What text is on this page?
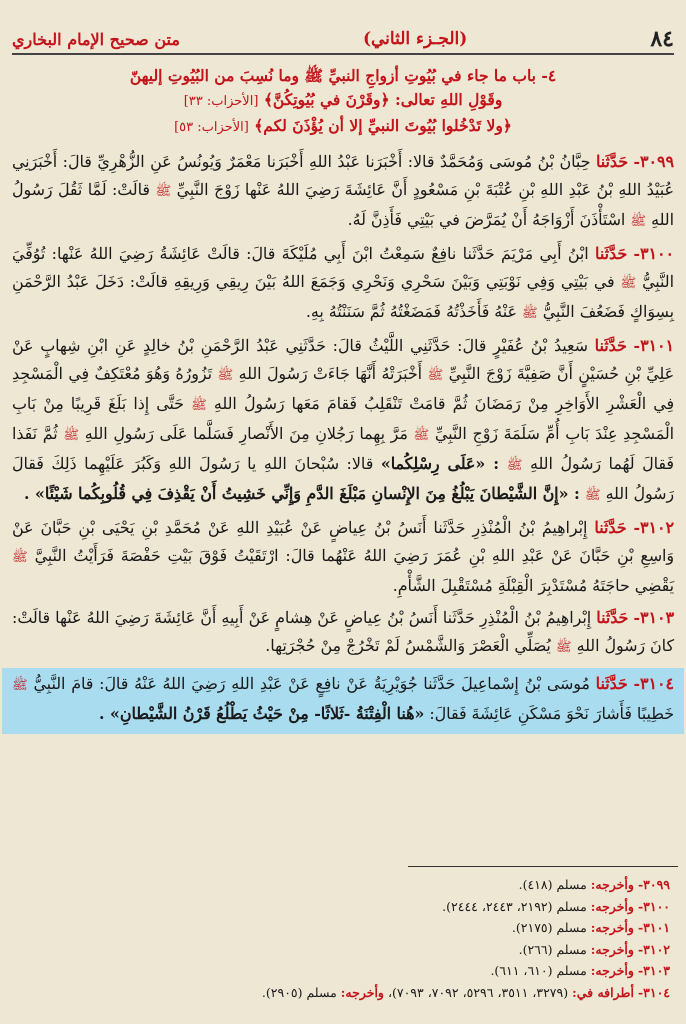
٨٤
(الجـزء الثاني)
متن صحيح الإمام البخاري
٤- باب ما جاء في بُيُوتِ أزواجِ النبيِّ ﷺ وما نُسِبَ من البُيُوتِ إليهنّ
وقَوْلِ اللهِ تعالى: ﴿وقَرْنَ في بُيُوتِكُنَّ﴾ [الأحزاب: ٣٣]
﴿ولا تَدْخُلوا بُيُوتَ النبيِّ إلا أن يُؤْذَنَ لكم﴾ [الأحزاب: ٥٣]

٣٠٩٩- حَدَّثَنا حِبَّانُ بْنُ مُوسَى وَمُحَمَّدٌ قالا: أَخْبَرَنا عَبْدُ اللهِ أَخْبَرَنا مَعْمَرٌ وَيُونُسُ عَنِ الزُّهْرِيِّ قالَ: أَخْبَرَنِي عُبَيْدُ اللهِ بْنُ عَبْدِ اللهِ بْنِ عُتْبَةَ بْنِ مَسْعُودٍ أَنَّ عَائِشَةَ رَضِيَ اللهُ عَنْها زَوْجَ النَّبِيِّ ﷺ قالَتْ: لَمَّا ثَقُلَ رَسُولُ اللهِ ﷺ اسْتَأْذَنَ أَزْوَاجَهُ أَنْ يُمَرَّضَ في بَيْتِي فَأَذِنَّ لَهُ.

٣١٠٠- حَدَّثَنا ابْنُ أَبِي مَرْيَمَ حَدَّثَنا نافِعٌ سَمِعْتُ ابْنَ أَبِي مُلَيْكَةَ قالَ: قالَتْ عَائِشَةُ رَضِيَ اللهُ عَنْها: تُوُفِّيَ النَّبِيُّ ﷺ في بَيْتِي وَفِي نَوْبَتِي وَبَيْنَ سَحْرِي وَنَحْرِي وَجَمَعَ اللهُ بَيْنَ رِيقِي وَرِيقِهِ قالَتْ: دَخَلَ عَبْدُ الرَّحْمَنِ بِسِوَاكٍ فَضَعُفَ النَّبِيُّ ﷺ عَنْهُ فَأَخَذْتُهُ فَمَضَغْتُهُ ثُمَّ سَنَنْتُهُ بِهِ.

٣١٠١- حَدَّثَنا سَعِيدُ بْنُ عُفَيْرٍ قالَ: حَدَّثَنِي اللَّيْثُ قالَ: حَدَّثَنِي عَبْدُ الرَّحْمَنِ بْنُ خالِدٍ عَنِ ابْنِ شِهابٍ عَنْ عَلِيِّ بْنِ حُسَيْنٍ أَنَّ صَفِيَّةَ زَوْجَ النَّبِيِّ ﷺ أَخْبَرَتْهُ أَنَّهَا جَاءَتْ رَسُولَ اللهِ ﷺ تَزُورُهُ وَهُوَ مُعْتَكِفٌ فِي الْمَسْجِدِ فِي الْعَشْرِ الأَوَاخِرِ مِنْ رَمَضَانَ ثُمَّ قامَتْ تَنْقَلِبُ فَقامَ مَعَها رَسُولُ اللهِ ﷺ حَتَّى إِذا بَلَغَ قَرِيبًا مِنْ بَابِ الْمَسْجِدِ عِنْدَ بَابِ أُمِّ سَلَمَةَ زَوْجِ النَّبِيِّ ﷺ مَرَّ بِهِما رَجُلانِ مِنَ الأَنْصارِ فَسَلَّما عَلَى رَسُولِ اللهِ ﷺ ثُمَّ نَفَذا فَقالَ لَهُما رَسُولُ اللهِ ﷺ : «عَلَى رِسْلِكُما» قالا: سُبْحانَ اللهِ يا رَسُولَ اللهِ وَكَبُرَ عَلَيْهِما ذَلِكَ فَقالَ رَسُولُ اللهِ ﷺ : «إِنَّ الشَّيْطانَ يَبْلُغُ مِنَ الإِنْسانِ مَبْلَغَ الدَّمِ وَإِنِّي خَشِيتُ أَنْ يَقْذِفَ فِي قُلُوبِكُما شَيْئًا» .

٣١٠٢- حَدَّثَنا إِبْراهِيمُ بْنُ الْمُنْذِرِ حَدَّثَنا أَنَسُ بْنُ عِياضٍ عَنْ عُبَيْدِ اللهِ عَنْ مُحَمَّدِ بْنِ يَحْيَى بْنِ حَبَّانَ عَنْ وَاسِعِ بْنِ حَبَّانَ عَنْ عَبْدِ اللهِ بْنِ عُمَرَ رَضِيَ اللهُ عَنْهُما قالَ: ارْتَقَيْتُ فَوْقَ بَيْتِ حَفْصَةَ فَرَأَيْتُ النَّبِيَّ ﷺ يَقْضِي حاجَتَهُ مُسْتَدْبِرَ الْقِبْلَةِ مُسْتَقْبِلَ الشَّأْمِ.

٣١٠٣- حَدَّثَنا إِبْراهِيمُ بْنُ الْمُنْذِرِ حَدَّثَنا أَنَسُ بْنُ عِياضٍ عَنْ هِشامٍ عَنْ أَبِيهِ أَنَّ عَائِشَةَ رَضِيَ اللهُ عَنْها قالَتْ: كانَ رَسُولُ اللهِ ﷺ يُصَلِّي الْعَصْرَ وَالشَّمْسُ لَمْ تَخْرُجْ مِنْ حُجْرَتِها.

٣١٠٤- حَدَّثَنا مُوسَى بْنُ إِسْماعِيلَ حَدَّثَنا جُوَيْرِيَةُ عَنْ نافِعٍ عَنْ عَبْدِ اللهِ رَضِيَ اللهُ عَنْهُ قالَ: قامَ النَّبِيُّ ﷺ خَطِيبًا فَأَشارَ نَحْوَ مَسْكَنِ عَائِشَةَ فَقالَ: «هُنا الْفِتْنَةُ -ثَلاثًا- مِنْ حَيْثُ يَطْلُعُ قَرْنُ الشَّيْطانِ» .

٣٠٩٩- وأخرجه: مسلم (٤١٨).
٣١٠٠- وأخرجه: مسلم (٢١٩٢، ٢٤٤٣، ٢٤٤٤).
٣١٠١- وأخرجه: مسلم (٢١٧٥).
٣١٠٢- وأخرجه: مسلم (٢٦٦).
٣١٠٣- وأخرجه: مسلم (٦١٠، ٦١١).
٣١٠٤- أطرافه في: (٣٢٧٩، ٣٥١١، ٥٢٩٦، ٧٠٩٢، ٧٠٩٣)، وأخرجه: مسلم (٢٩٠٥).
